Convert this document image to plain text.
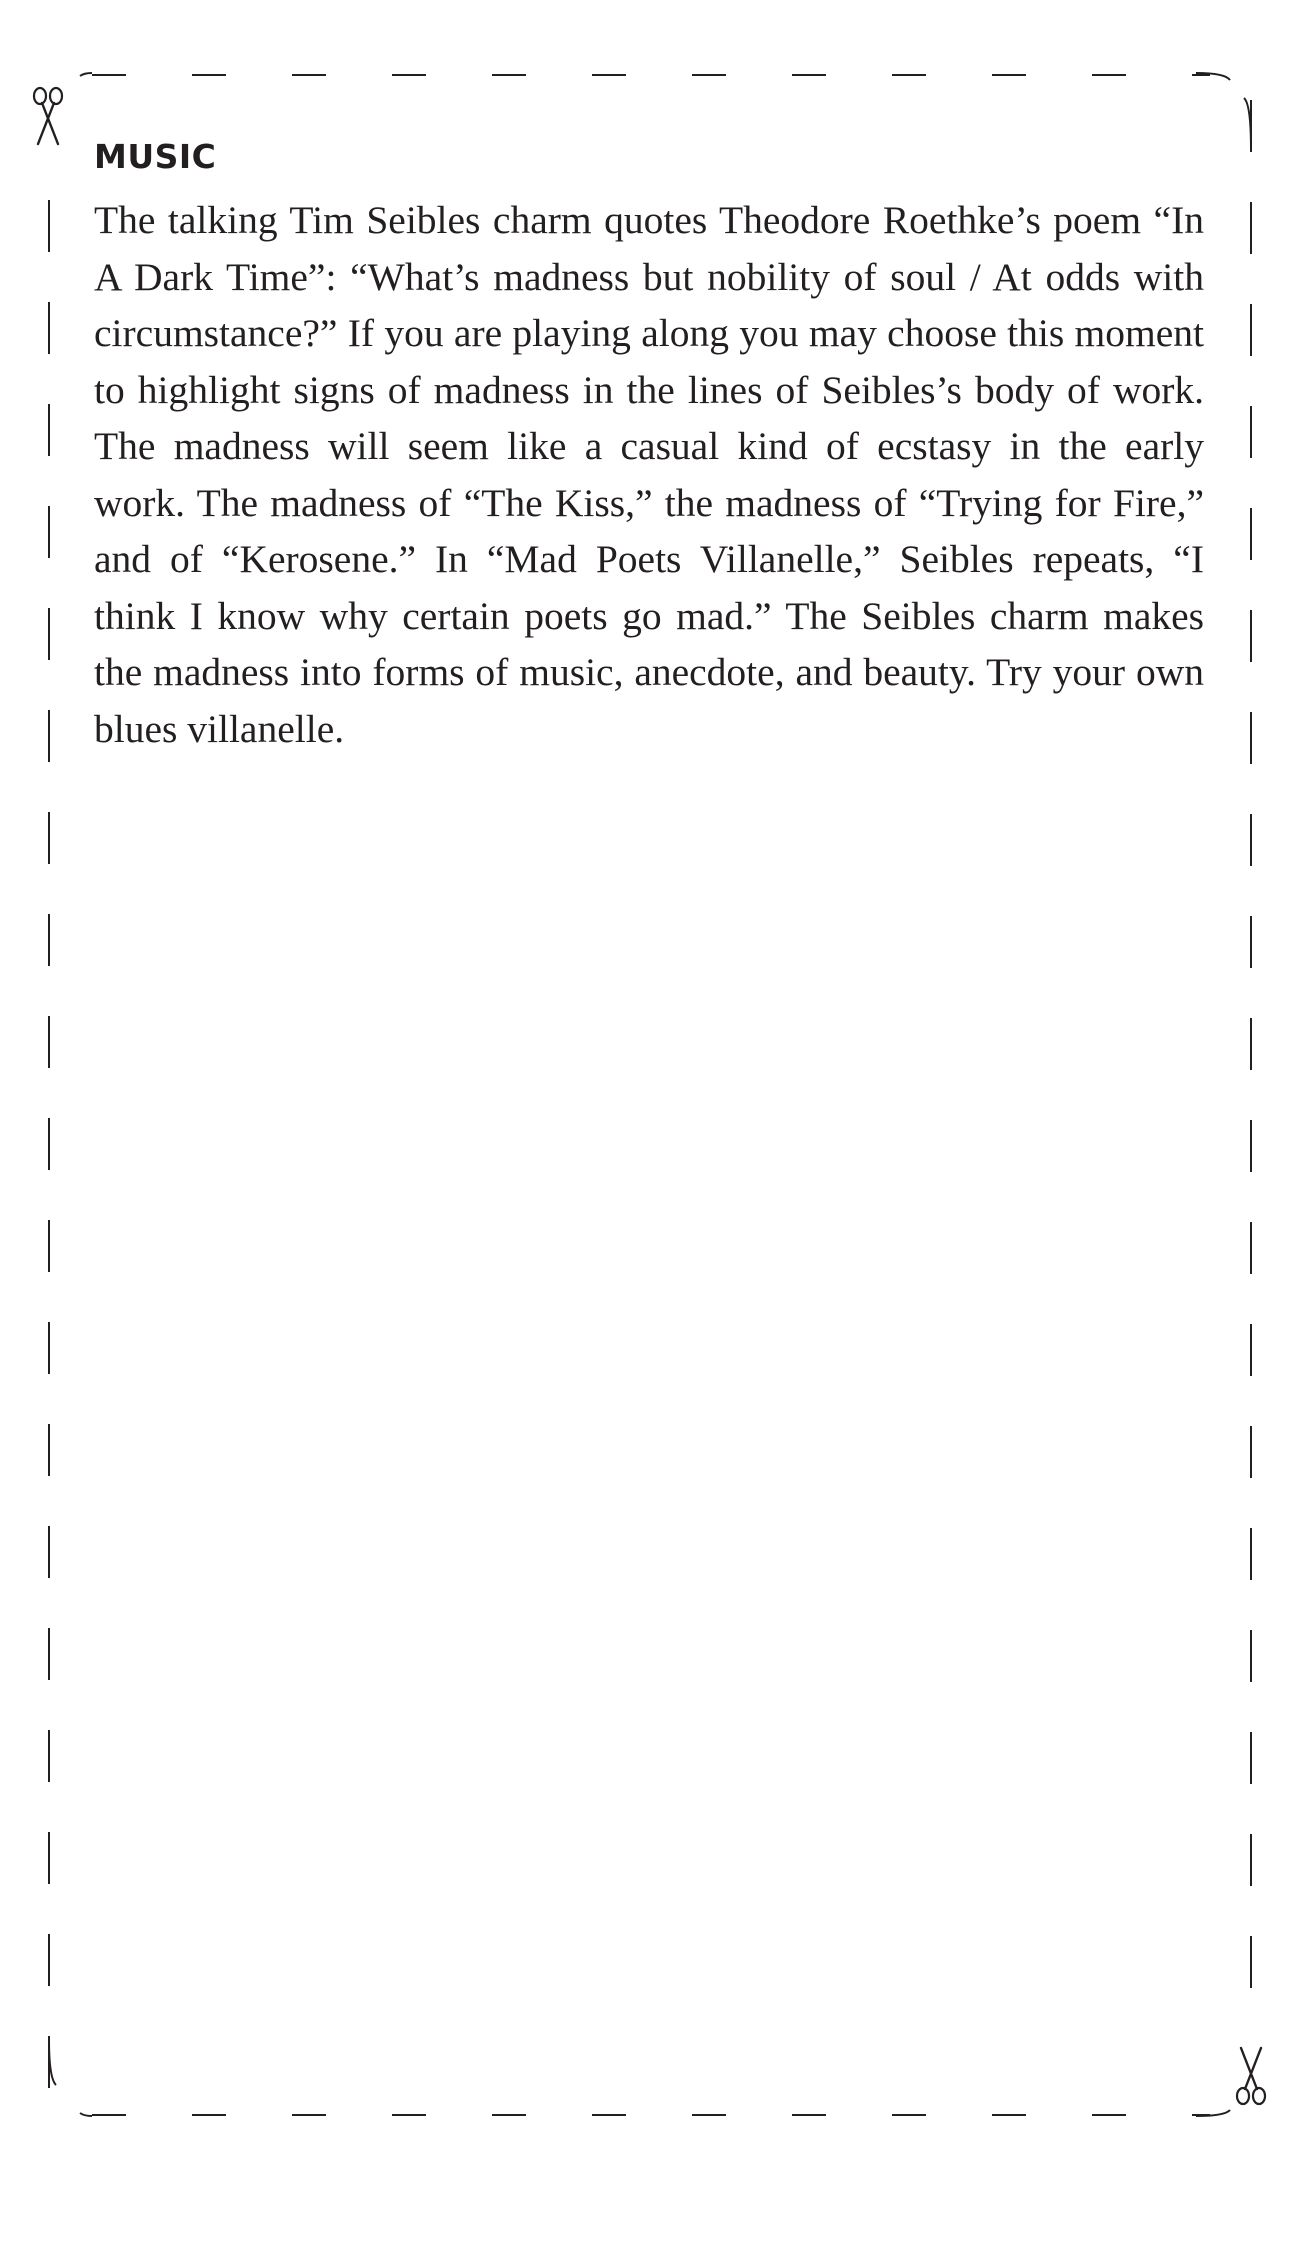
MUSIC

The talking Tim Seibles charm quotes Theodore Roethke’s poem “In A Dark Time”: “What’s madness but nobility of soul / At odds with circumstance?” If you are playing along you may choose this moment to highlight signs of madness in the lines of Seibles’s body of work. The madness will seem like a casual kind of ecstasy in the early work. The madness of “The Kiss,” the madness of “Trying for Fire,” and of “Kerosene.” In “Mad Poets Villanelle,” Seibles repeats, “I think I know why certain poets go mad.” The Seibles charm makes the madness into forms of music, anecdote, and beauty. Try your own blues villanelle.
